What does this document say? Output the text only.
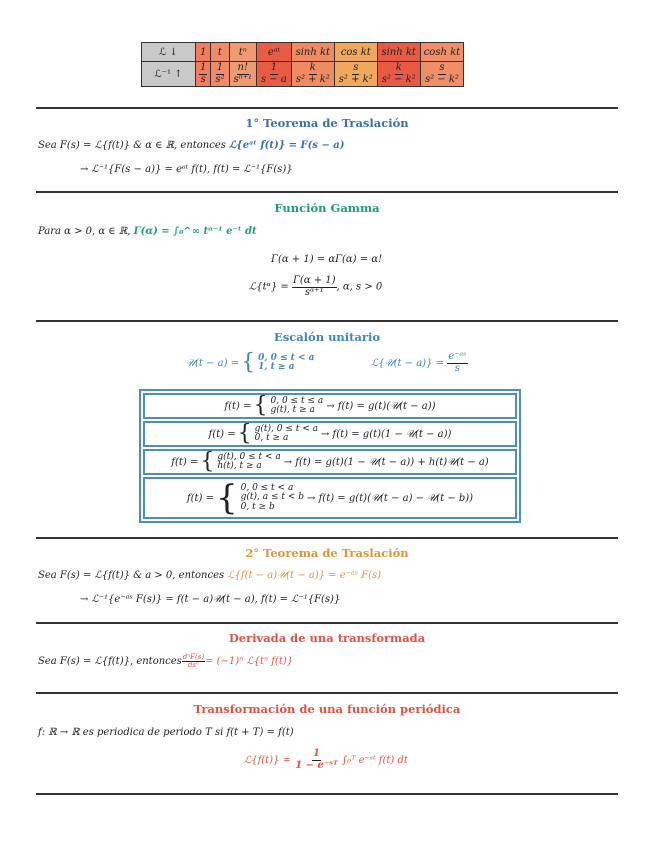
ℒ ↓	1	t	tⁿ	eᵃᵗ	sinh kt	cos kt	sinh kt	cosh kt
ℒ⁻¹ ↑	$\frac{1}{s}$	$\frac{1}{\text{s²}}$	$\frac{n!}{\text{sⁿ⁺¹}}$	$\frac{1}{s - a}$	$\frac{k}{\text{s² + k²}}$	$\frac{s}{\text{s² + k²}}$	$\frac{k}{\text{s² − k²}}$	$\frac{s}{\text{s² − k²}}$
1° Teorema de Traslación
Sea F(s) = ℒ{f(t)} & α ∈ ℝ, entonces ℒ{eᵃᵗ f(t)} = F(s − a)
→ ℒ⁻¹{F(s − a)} = eᵃᵗ f(t), f(t) = ℒ⁻¹{F(s)}
Función Gamma
Para α > 0, α ∈ ℝ, Γ(α) = ∫₀^∞ tᵅ⁻¹ e⁻ᵗ dt
Γ(α + 1) = αΓ(α) = α!
ℒ{tᵅ} = $\frac{\Gamma(\alpha + 1)}{\text{sᵅ⁺¹}}$ , α, s > 0
Escalón unitario
𝒰(t − a) = { 0, 0 ≤ t < a
1, t ≥ a	ℒ{𝒰(t − a)} =
$\frac{\text{e⁻ᵃˢ}}{s}$
f(t) = { 0, 0 ≤ t ≤ a
g(t), t ≥ a	→ f(t) = g(t)(𝒰(t − a))
f(t) = { g(t), 0 ≤ t < a
0, t ≥ a	→ f(t) = g(t)(1 − 𝒰(t − a))
f(t) = { g(t), 0 ≤ t < a
h(t), t ≥ a	→ f(t) = g(t)(1 − 𝒰(t − a)) + h(t)𝒰(t − a)
f(t) = { 0, 0 ≤ t < a
g(t), a ≤ t < b
0, t ≥ b
→ f(t) = g(t)(𝒰(t − a) − 𝒰(t − b))
2° Teorema de Traslación
Sea F(s) = ℒ{f(t)} & a > 0, entonces ℒ{f(t − a)𝒰(t − a)} = e⁻ᵃˢ F(s)
→ ℒ⁻¹{e⁻ᵃˢ F(s)} = f(t − a)𝒰(t − a), f(t) = ℒ⁻¹{F(s)}
Derivada de una transformada
Sea F(s) = ℒ{f(t)}, entonces $\frac{\text{dⁿF(s)}}{\text{dsⁿ}} = (-1)^n$ ℒ{tⁿ f(t)}
Transformación de una función periódica
f: ℝ → ℝ es periodica de periodo T si f(t + T) = f(t)
ℒ{f(t)} =
$\frac{1}{\text{1 − e⁻ˢᵀ}}$
∫₀ᵀ e⁻ˢᵗ f(t) dt
